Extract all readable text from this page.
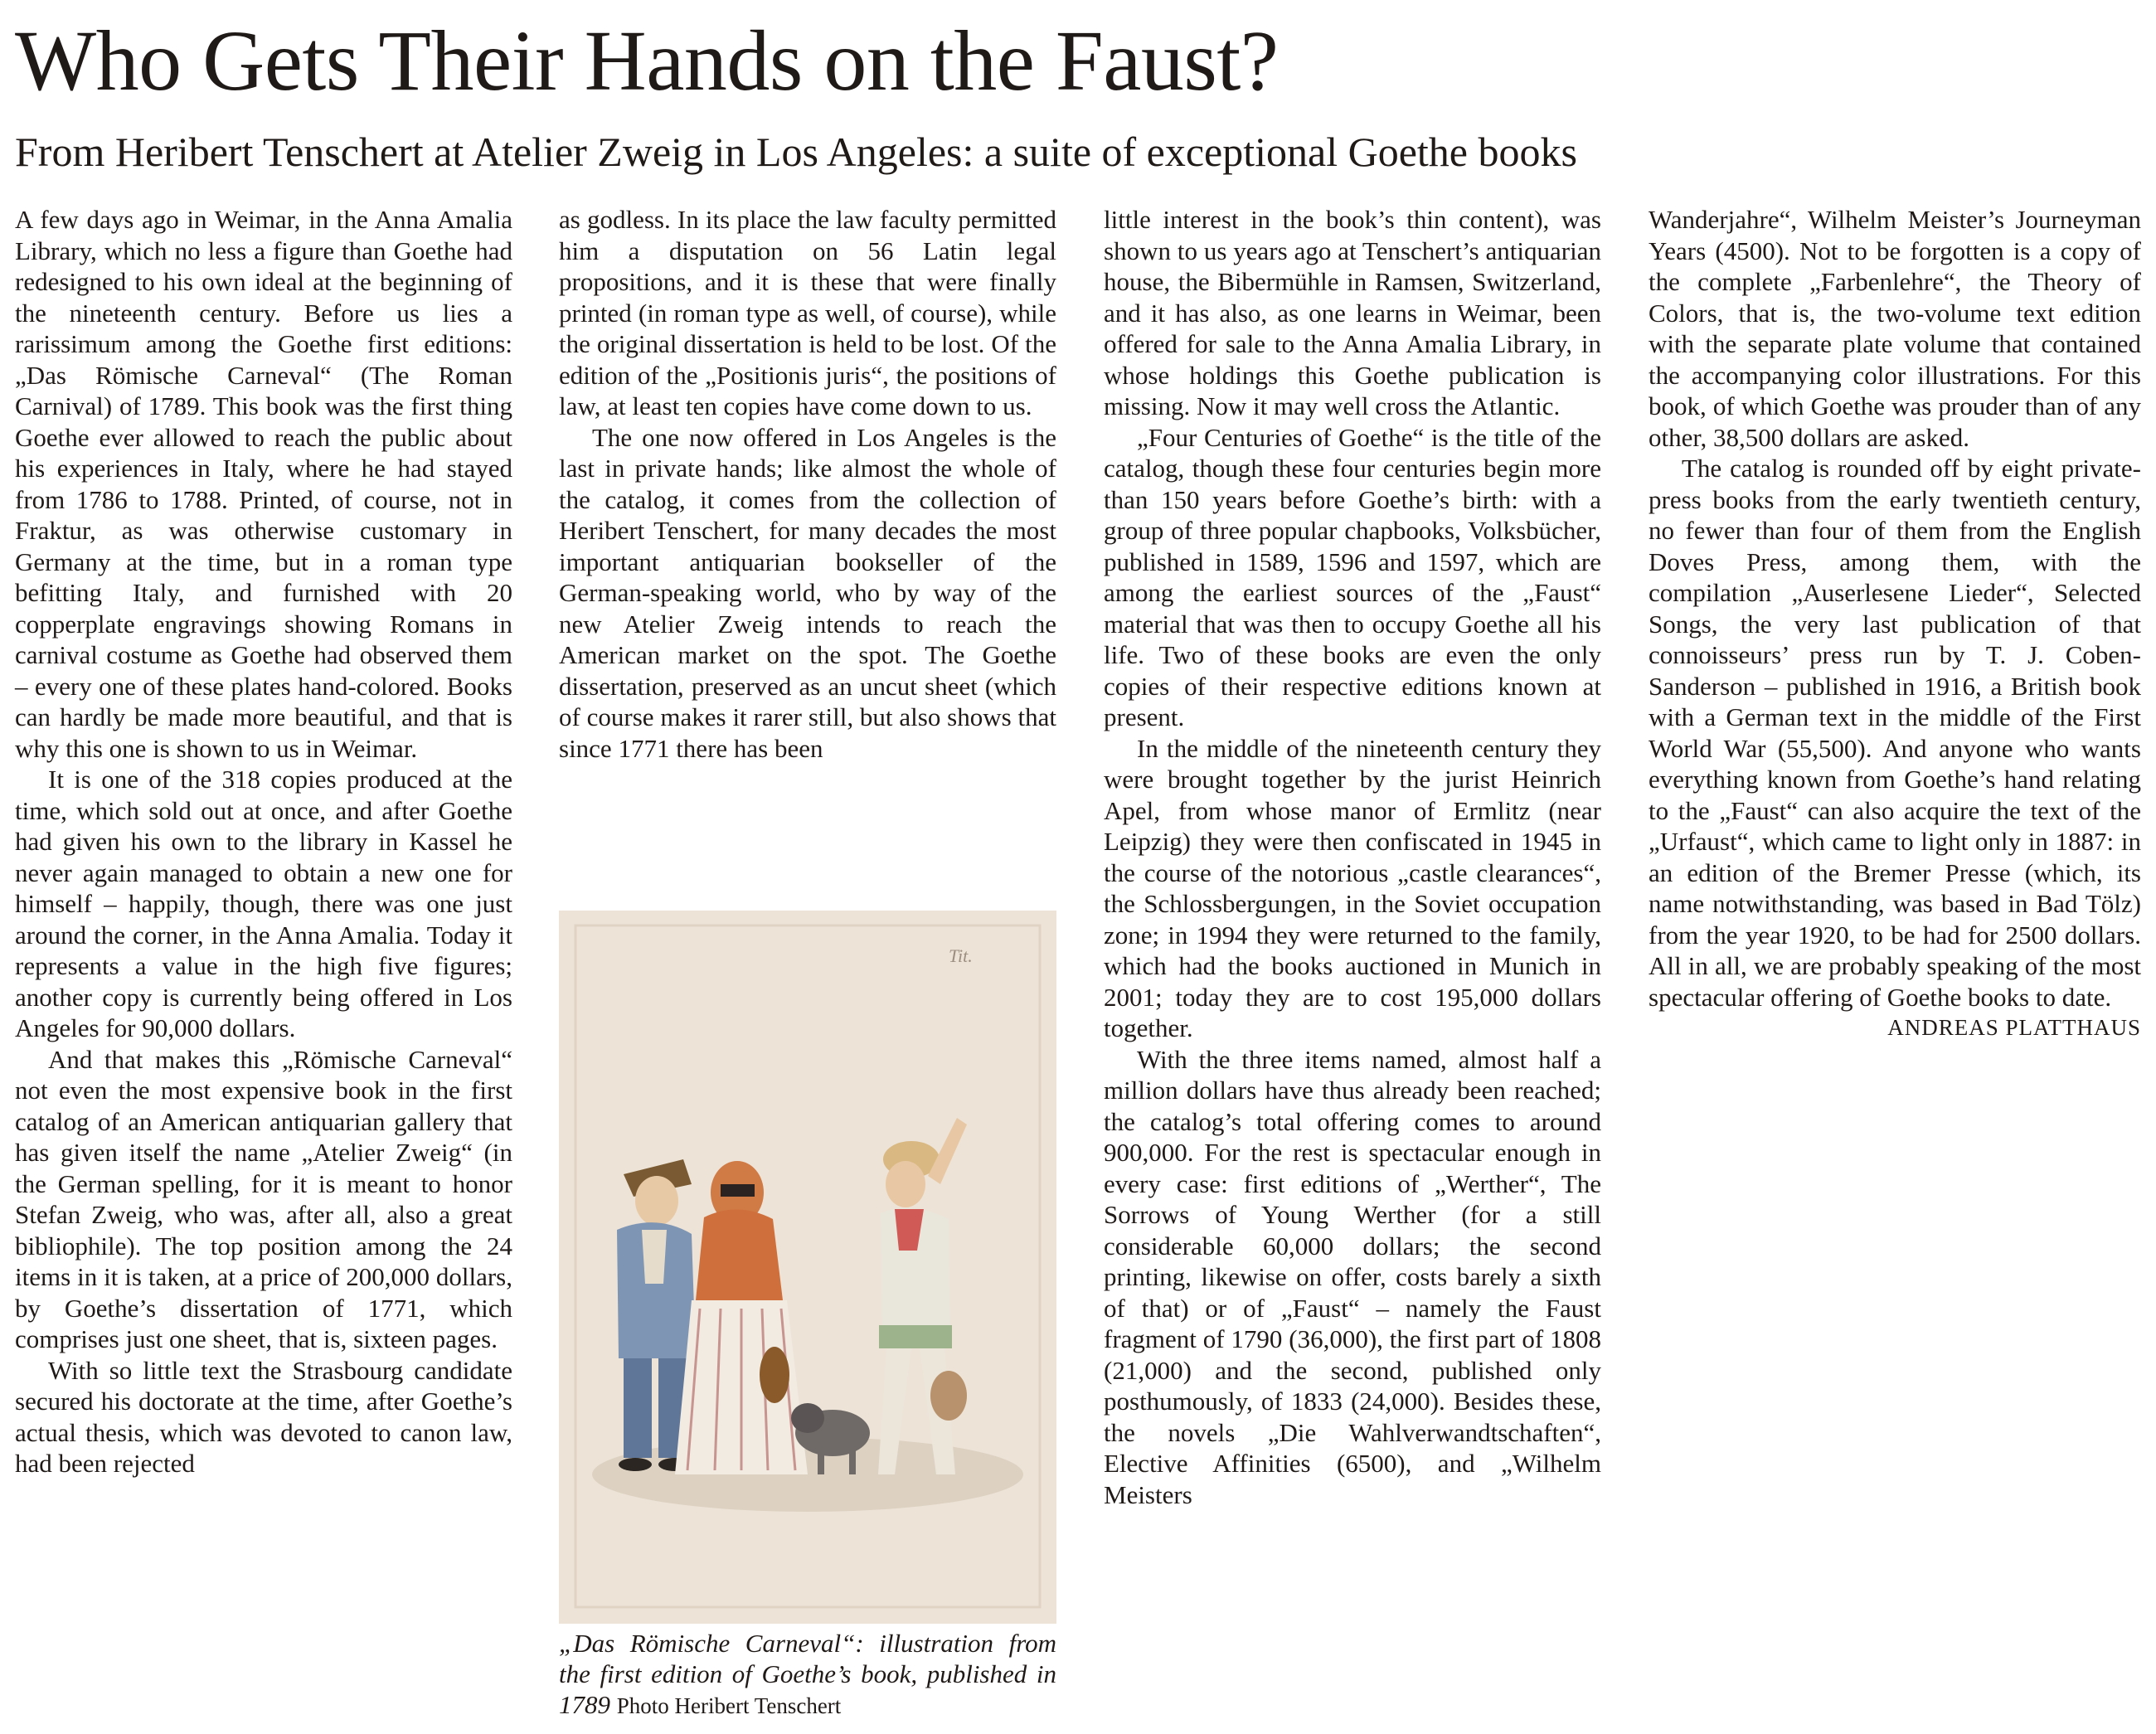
Who Gets Their Hands on the Faust?
From Heribert Tenschert at Atelier Zweig in Los Angeles: a suite of exceptional Goethe books

A few days ago in Weimar, in the Anna Amalia Library, which no less a figure than Goethe had redesigned to his own ideal at the beginning of the nineteenth century. Before us lies a rarissimum among the Goethe first editions: „Das Römische Carneval“ (The Roman Carnival) of 1789. This book was the first thing Goethe ever allowed to reach the public about his experiences in Italy, where he had stayed from 1786 to 1788. Printed, of course, not in Fraktur, as was otherwise customary in Germany at the time, but in a roman type befitting Italy, and furnished with 20 copperplate engravings showing Romans in carnival costume as Goethe had observed them – every one of these plates hand-colored. Books can hardly be made more beautiful, and that is why this one is shown to us in Weimar.

It is one of the 318 copies produced at the time, which sold out at once, and after Goethe had given his own to the library in Kassel he never again managed to obtain a new one for himself – happily, though, there was one just around the corner, in the Anna Amalia. Today it represents a value in the high five figures; another copy is currently being offered in Los Angeles for 90,000 dollars.

And that makes this „Römische Carneval“ not even the most expensive book in the first catalog of an American antiquarian gallery that has given itself the name „Atelier Zweig“ (in the German spelling, for it is meant to honor Stefan Zweig, who was, after all, also a great bibliophile). The top position among the 24 items in it is taken, at a price of 200,000 dollars, by Goethe’s dissertation of 1771, which comprises just one sheet, that is, sixteen pages.

With so little text the Strasbourg candidate secured his doctorate at the time, after Goethe’s actual thesis, which was devoted to canon law, had been rejected

as godless. In its place the law faculty permitted him a disputation on 56 Latin legal propositions, and it is these that were finally printed (in roman type as well, of course), while the original dissertation is held to be lost. Of the edition of the „Positionis juris“, the positions of law, at least ten copies have come down to us.

The one now offered in Los Angeles is the last in private hands; like almost the whole of the catalog, it comes from the collection of Heribert Tenschert, for many decades the most important antiquarian bookseller of the German-speaking world, who by way of the new Atelier Zweig intends to reach the American market on the spot. The Goethe dissertation, preserved as an uncut sheet (which of course makes it rarer still, but also shows that since 1771 there has been

Tit.

„Das Römische Carneval“: illustration from the first edition of Goethe’s book, published in 1789 Photo Heribert Tenschert

little interest in the book’s thin content), was shown to us years ago at Tenschert’s antiquarian house, the Bibermühle in Ramsen, Switzerland, and it has also, as one learns in Weimar, been offered for sale to the Anna Amalia Library, in whose holdings this Goethe publication is missing. Now it may well cross the Atlantic.

„Four Centuries of Goethe“ is the title of the catalog, though these four centuries begin more than 150 years before Goethe’s birth: with a group of three popular chapbooks, Volksbücher, published in 1589, 1596 and 1597, which are among the earliest sources of the „Faust“ material that was then to occupy Goethe all his life. Two of these books are even the only copies of their respective editions known at present.

In the middle of the nineteenth century they were brought together by the jurist Heinrich Apel, from whose manor of Ermlitz (near Leipzig) they were then confiscated in 1945 in the course of the notorious „castle clearances“, the Schlossbergungen, in the Soviet occupation zone; in 1994 they were returned to the family, which had the books auctioned in Munich in 2001; today they are to cost 195,000 dollars together.

With the three items named, almost half a million dollars have thus already been reached; the catalog’s total offering comes to around 900,000. For the rest is spectacular enough in every case: first editions of „Werther“, The Sorrows of Young Werther (for a still considerable 60,000 dollars; the second printing, likewise on offer, costs barely a sixth of that) or of „Faust“ – namely the Faust fragment of 1790 (36,000), the first part of 1808 (21,000) and the second, published only posthumously, of 1833 (24,000). Besides these, the novels „Die Wahlverwandtschaften“, Elective Affinities (6500), and „Wilhelm Meisters

Wanderjahre“, Wilhelm Meister’s Journeyman Years (4500). Not to be forgotten is a copy of the complete „Farbenlehre“, the Theory of Colors, that is, the two-volume text edition with the separate plate volume that contained the accompanying color illustrations. For this book, of which Goethe was prouder than of any other, 38,500 dollars are asked.

The catalog is rounded off by eight private-press books from the early twentieth century, no fewer than four of them from the English Doves Press, among them, with the compilation „Auserlesene Lieder“, Selected Songs, the very last publication of that connoisseurs’ press run by T. J. Coben-Sanderson – published in 1916, a British book with a German text in the middle of the First World War (55,500). And anyone who wants everything known from Goethe’s hand relating to the „Faust“ can also acquire the text of the „Urfaust“, which came to light only in 1887: in an edition of the Bremer Presse (which, its name notwithstanding, was based in Bad Tölz) from the year 1920, to be had for 2500 dollars. All in all, we are probably speaking of the most spectacular offering of Goethe books to date.

ANDREAS PLATTHAUS
